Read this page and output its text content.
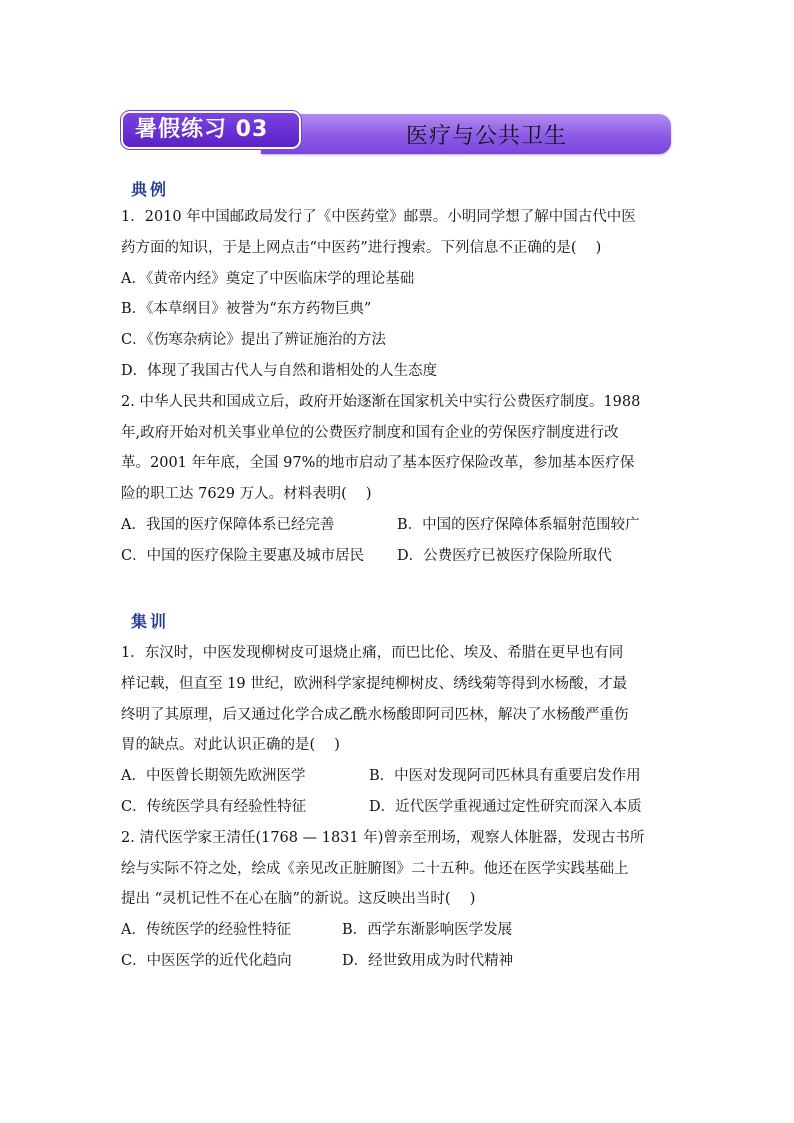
暑假练习 03	医疗与公共卫生
典例
1．2010 年中国邮政局发行了《中医药堂》邮票。小明同学想了解中国古代中医
药方面的知识，于是上网点击“中医药”进行搜索。下列信息不正确的是(　 )
A．《黄帝内经》奠定了中医临床学的理论基础
B．《本草纲目》被誉为“东方药物巨典”
C．《伤寒杂病论》提出了辨证施治的方法
D．体现了我国古代人与自然和谐相处的人生态度
2. 中华人民共和国成立后，政府开始逐渐在国家机关中实行公费医疗制度。1988
年,政府开始对机关事业单位的公费医疗制度和国有企业的劳保医疗制度进行改
革。2001 年年底，全国 97%的地市启动了基本医疗保险改革，参加基本医疗保
险的职工达 7629 万人。材料表明(　 )
A．我国的医疗保障体系已经完善	B．中国的医疗保障体系辐射范围较广
C．中国的医疗保险主要惠及城市居民	D．公费医疗已被医疗保险所取代
集训
1．东汉时，中医发现柳树皮可退烧止痛，而巴比伦、埃及、希腊在更早也有同
样记载，但直至 19 世纪，欧洲科学家提纯柳树皮、绣线菊等得到水杨酸，才最
终明了其原理，后又通过化学合成乙酰水杨酸即阿司匹林，解决了水杨酸严重伤
胃的缺点。对此认识正确的是(　 )
A．中医曾长期领先欧洲医学	B．中医对发现阿司匹林具有重要启发作用
C．传统医学具有经验性特征	D．近代医学重视通过定性研究而深入本质
2. 清代医学家王清任(1768 — 1831 年)曾亲至刑场，观察人体脏器，发现古书所
绘与实际不符之处，绘成《亲见改正脏腑图》二十五种。他还在医学实践基础上
提出 “灵机记性不在心在脑”的新说。这反映出当时(　 )
A．传统医学的经验性特征	B．西学东渐影响医学发展
C．中医医学的近代化趋向	D．经世致用成为时代精神
